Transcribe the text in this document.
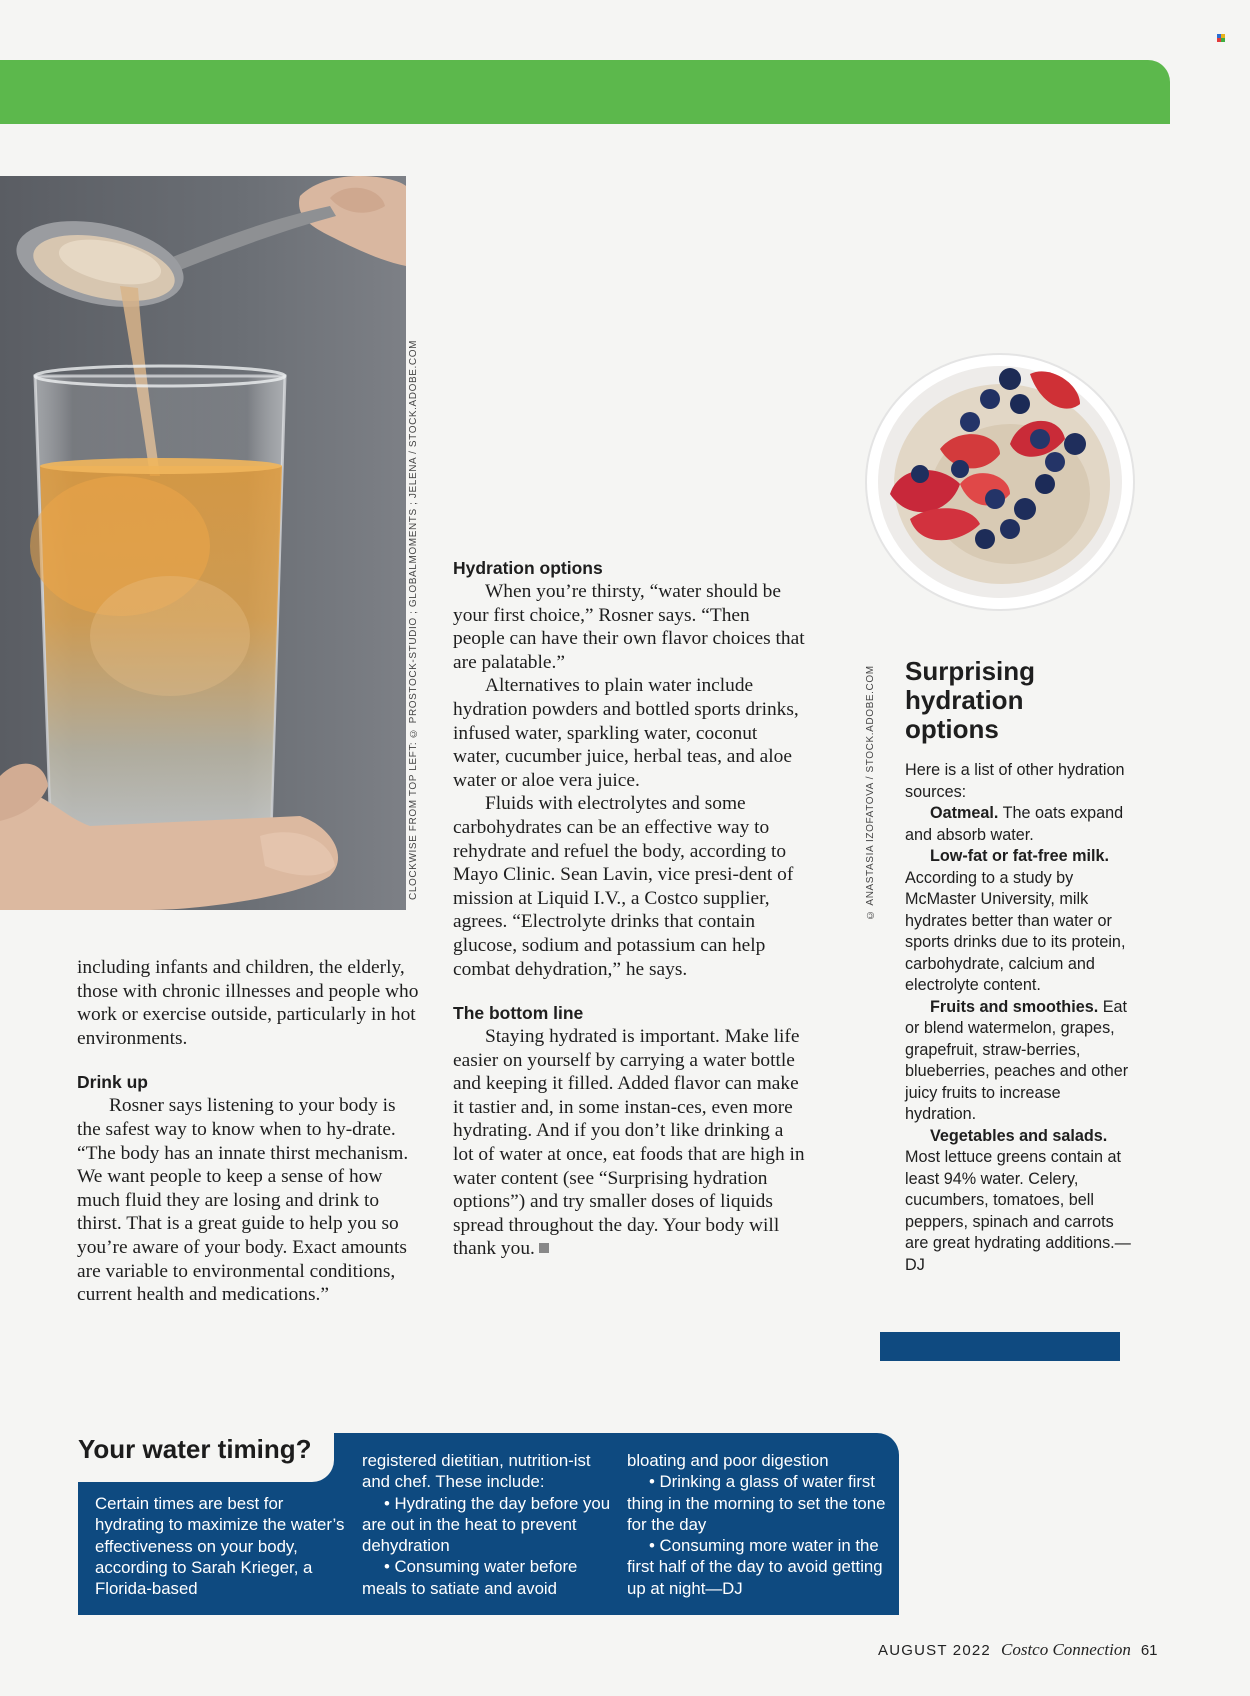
CLOCKWISE FROM TOP LEFT: © PROSTOCK-STUDIO ; GLOBALMOMENTS ; JELENA / STOCK.ADOBE.COM	© ANASTASIA IZOFATOVA / STOCK.ADOBE.COM

including infants and children, the elderly, those with chronic illnesses and people who work or exercise outside, particularly in hot environments.

Drink up

Rosner says listening to your body is the safest way to know when to hy-drate. “The body has an innate thirst mechanism. We want people to keep a sense of how much fluid they are losing and drink to thirst. That is a great guide to help you so you’re aware of your body. Exact amounts are variable to environmental conditions, current health and medications.”

Hydration options

When you’re thirsty, “water should be your first choice,” Rosner says. “Then people can have their own flavor choices that are palatable.”

Alternatives to plain water include hydration powders and bottled sports drinks, infused water, sparkling water, coconut water, cucumber juice, herbal teas, and aloe water or aloe vera juice.

Fluids with electrolytes and some carbohydrates can be an effective way to rehydrate and refuel the body, according to Mayo Clinic. Sean Lavin, vice presi-dent of mission at Liquid I.V., a Costco supplier, agrees. “Electrolyte drinks that contain glucose, sodium and potassium can help combat dehydration,” he says.

The bottom line

Staying hydrated is important. Make life easier on yourself by carrying a water bottle and keeping it filled. Added flavor can make it tastier and, in some instan-ces, even more hydrating. And if you don’t like drinking a lot of water at once, eat foods that are high in water content (see “Surprising hydration options”) and try smaller doses of liquids spread throughout the day. Your body will thank you.

Surprising
hydration
options

Here is a list of other hydration sources:

Oatmeal. The oats expand and absorb water.

Low-fat or fat-free milk. According to a study by McMaster University, milk hydrates better than water or sports drinks due to its protein, carbohydrate, calcium and electrolyte content.

Fruits and smoothies. Eat or blend watermelon, grapes, grapefruit, straw-berries, blueberries, peaches and other juicy fruits to increase hydration.

Vegetables and salads. Most lettuce greens contain at least 94% water. Celery, cucumbers, tomatoes, bell peppers, spinach and carrots are great hydrating additions.—DJ

Your water timing?

Certain times are best for hydrating to maximize the water’s effectiveness on your body, according to Sarah Krieger, a Florida-based

registered dietitian, nutrition-ist and chef. These include:

• Hydrating the day before you are out in the heat to prevent dehydration

• Consuming water before meals to satiate and avoid

bloating and poor digestion

• Drinking a glass of water first thing in the morning to set the tone for the day

• Consuming more water in the first half of the day to avoid getting up at night—DJ

AUGUST 2022 Costco Connection 61
